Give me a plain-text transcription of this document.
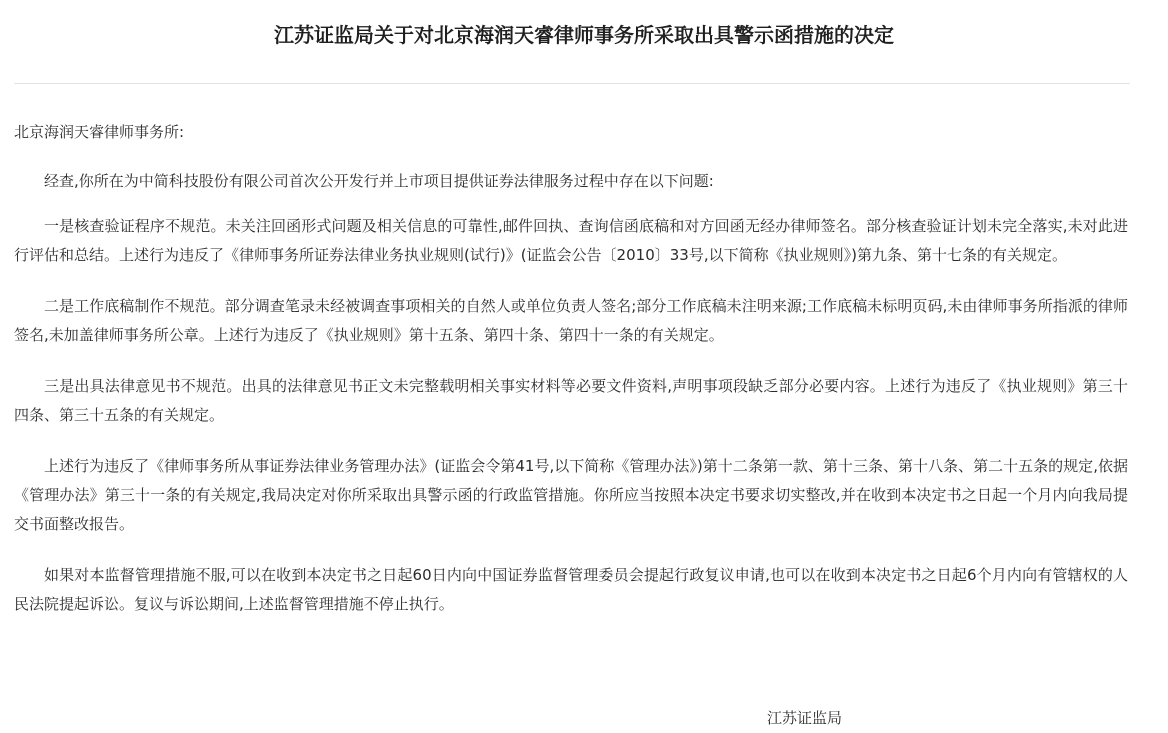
江苏证监局关于对北京海润天睿律师事务所采取出具警示函措施的决定

北京海润天睿律师事务所:

经查,你所在为中简科技股份有限公司首次公开发行并上市项目提供证券法律服务过程中存在以下问题:

一是核查验证程序不规范。未关注回函形式问题及相关信息的可靠性,邮件回执、查询信函底稿和对方回函无经办律师签名。部分核查验证计划未完全落实,未对此进行评估和总结。上述行为违反了《律师事务所证券法律业务执业规则(试行)》(证监会公告〔2010〕33号,以下简称《执业规则》)第九条、第十七条的有关规定。

二是工作底稿制作不规范。部分调查笔录未经被调查事项相关的自然人或单位负责人签名;部分工作底稿未注明来源;工作底稿未标明页码,未由律师事务所指派的律师签名,未加盖律师事务所公章。上述行为违反了《执业规则》第十五条、第四十条、第四十一条的有关规定。

三是出具法律意见书不规范。出具的法律意见书正文未完整载明相关事实材料等必要文件资料,声明事项段缺乏部分必要内容。上述行为违反了《执业规则》第三十四条、第三十五条的有关规定。

上述行为违反了《律师事务所从事证券法律业务管理办法》(证监会令第41号,以下简称《管理办法》)第十二条第一款、第十三条、第十八条、第二十五条的规定,依据《管理办法》第三十一条的有关规定,我局决定对你所采取出具警示函的行政监管措施。你所应当按照本决定书要求切实整改,并在收到本决定书之日起一个月内向我局提交书面整改报告。

如果对本监督管理措施不服,可以在收到本决定书之日起60日内向中国证券监督管理委员会提起行政复议申请,也可以在收到本决定书之日起6个月内向有管辖权的人民法院提起诉讼。复议与诉讼期间,上述监督管理措施不停止执行。

江苏证监局
